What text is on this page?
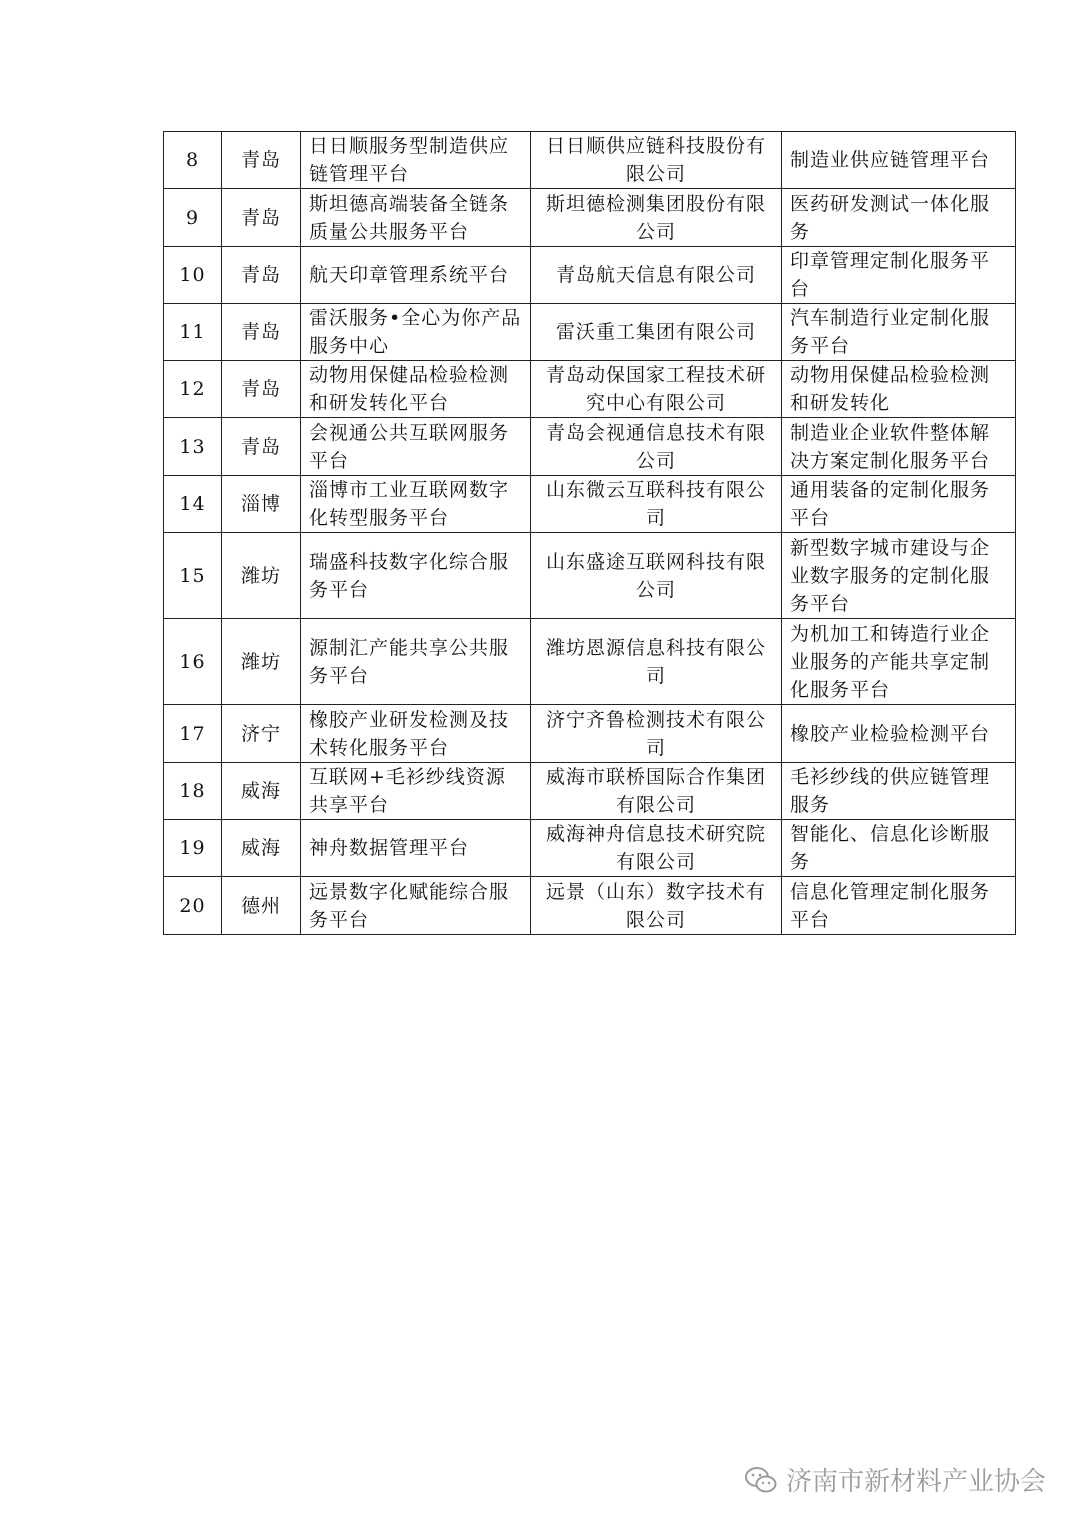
8	青岛	日日顺服务型制造供应链管理平台	日日顺供应链科技股份有限公司	制造业供应链管理平台
9	青岛	斯坦德高端装备全链条质量公共服务平台	斯坦德检测集团股份有限公司	医药研发测试一体化服务
10	青岛	航天印章管理系统平台	青岛航天信息有限公司	印章管理定制化服务平台
11	青岛	雷沃服务•全心为你产品服务中心	雷沃重工集团有限公司	汽车制造行业定制化服务平台
12	青岛	动物用保健品检验检测和研发转化平台	青岛动保国家工程技术研究中心有限公司	动物用保健品检验检测和研发转化
13	青岛	会视通公共互联网服务平台	青岛会视通信息技术有限公司	制造业企业软件整体解决方案定制化服务平台
14	淄博	淄博市工业互联网数字化转型服务平台	山东微云互联科技有限公司	通用装备的定制化服务平台
15	潍坊	瑞盛科技数字化综合服务平台	山东盛途互联网科技有限公司	新型数字城市建设与企业数字服务的定制化服务平台
16	潍坊	源制汇产能共享公共服务平台	潍坊恩源信息科技有限公司	为机加工和铸造行业企业服务的产能共享定制化服务平台
17	济宁	橡胶产业研发检测及技术转化服务平台	济宁齐鲁检测技术有限公司	橡胶产业检验检测平台
18	威海	互联网+毛衫纱线资源共享平台	威海市联桥国际合作集团有限公司	毛衫纱线的供应链管理服务
19	威海	神舟数据管理平台	威海神舟信息技术研究院有限公司	智能化、信息化诊断服务
20	德州	远景数字化赋能综合服务平台	远景（山东）数字技术有限公司	信息化管理定制化服务平台
济南市新材料产业协会
